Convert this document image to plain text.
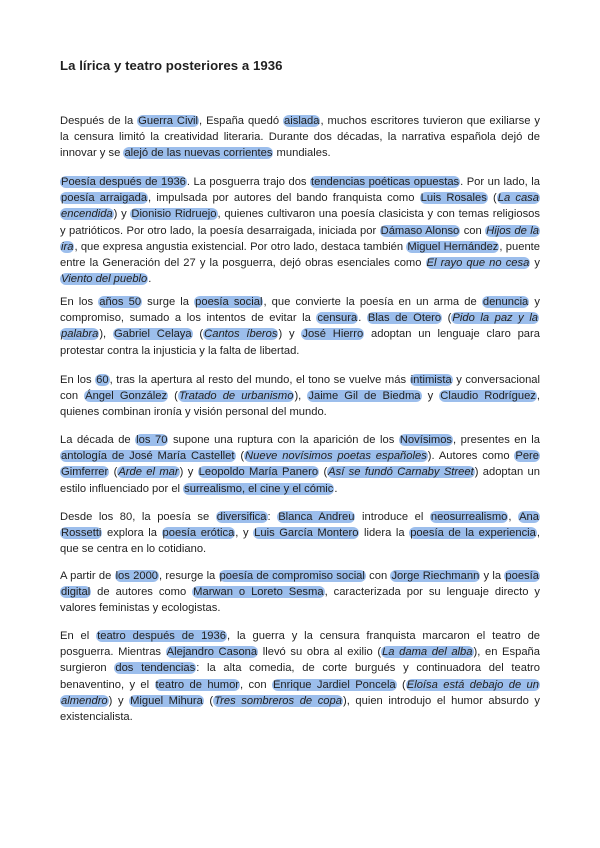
La lírica y teatro posteriores a 1936

Después de la Guerra Civil, España quedó aislada, muchos escritores tuvieron que exiliarse y la censura limitó la creatividad literaria. Durante dos décadas, la narrativa española dejó de innovar y se alejó de las nuevas corrientes mundiales.

Poesía después de 1936. La posguerra trajo dos tendencias poéticas opuestas. Por un lado, la poesía arraigada, impulsada por autores del bando franquista como Luis Rosales (La casa encendida) y Dionisio Ridruejo, quienes cultivaron una poesía clasicista y con temas religiosos y patrióticos. Por otro lado, la poesía desarraigada, iniciada por Dámaso Alonso con Hijos de la ira, que expresa angustia existencial. Por otro lado, destaca también Miguel Hernández, puente entre la Generación del 27 y la posguerra, dejó obras esenciales como El rayo que no cesa y Viento del pueblo.

En los años 50 surge la poesía social, que convierte la poesía en un arma de denuncia y compromiso, sumado a los intentos de evitar la censura. Blas de Otero (Pido la paz y la palabra), Gabriel Celaya (Cantos íberos) y José Hierro adoptan un lenguaje claro para protestar contra la injusticia y la falta de libertad.

En los 60, tras la apertura al resto del mundo, el tono se vuelve más intimista y conversacional con Ángel González (Tratado de urbanismo), Jaime Gil de Biedma y Claudio Rodríguez, quienes combinan ironía y visión personal del mundo.

La década de los 70 supone una ruptura con la aparición de los Novísimos, presentes en la antología de José María Castellet (Nueve novísimos poetas españoles). Autores como Pere Gimferrer (Arde el mar) y Leopoldo María Panero (Así se fundó Carnaby Street) adoptan un estilo influenciado por el surrealismo, el cine y el cómic.

Desde los 80, la poesía se diversifica: Blanca Andreu introduce el neosurrealismo, Ana Rossetti explora la poesía erótica, y Luis García Montero lidera la poesía de la experiencia, que se centra en lo cotidiano.

A partir de los 2000, resurge la poesía de compromiso social con Jorge Riechmann y la poesía digital de autores como Marwan o Loreto Sesma, caracterizada por su lenguaje directo y valores feministas y ecologistas.

En el teatro después de 1936, la guerra y la censura franquista marcaron el teatro de posguerra. Mientras Alejandro Casona llevó su obra al exilio (La dama del alba), en España surgieron dos tendencias: la alta comedia, de corte burgués y continuadora del teatro benaventino, y el teatro de humor, con Enrique Jardiel Poncela (Eloísa está debajo de un almendro) y Miguel Mihura (Tres sombreros de copa), quien introdujo el humor absurdo y existencialista.
